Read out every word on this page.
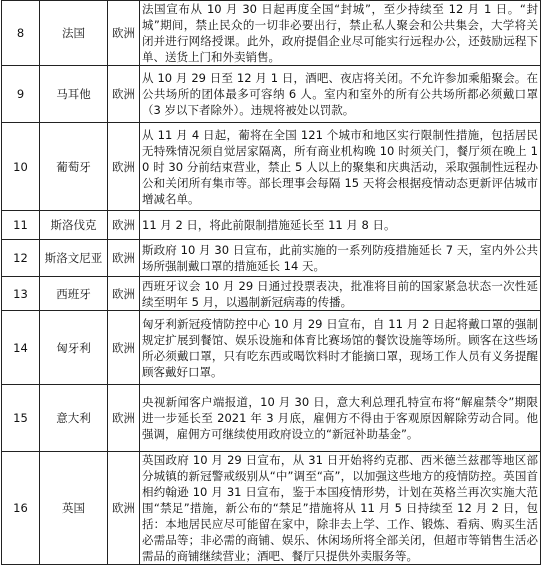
8	法国	欧洲	法国宣布从 10 月 30 日起再度全国“封城”，至少持续至 12 月 1 日。“封城”期间，禁止民众的一切非必要出行，禁止私人聚会和公共集会，大学将关闭并进行网络授课。此外，政府提倡企业尽可能实行远程办公，还鼓励远程下单、送货上门和外卖销售。
9	马耳他	欧洲	从 10 月 29 日至 12 月 1 日，酒吧、夜店将关闭。不允许参加乘船聚会。在公共场所的团体最多可容纳 6 人。室内和室外的所有公共场所都必须戴口罩（3 岁以下者除外）。违规将被处以罚款。
10	葡萄牙	欧洲	从 11 月 4 日起，葡将在全国 121 个城市和地区实行限制性措施，包括居民无特殊情况须自觉居家隔离，所有商业机构晚 10 时须关门，餐厅须在晚上 10 时 30 分前结束营业，禁止 5 人以上的聚集和庆典活动，采取强制性远程办公和关闭所有集市等。部长理事会每隔 15 天将会根据疫情动态更新评估城市增减名单。
11	斯洛伐克	欧洲	11 月 2 日，将此前限制措施延长至 11 月 8 日。
12	斯洛文尼亚	欧洲	斯政府 10 月 30 日宣布，此前实施的一系列防疫措施延长 7 天，室内外公共场所强制戴口罩的措施延长 14 天。
13	西班牙	欧洲	西班牙议会 10 月 29 日通过投票表决，批准将目前的国家紧急状态一次性延续至明年 5 月，以遏制新冠病毒的传播。
14	匈牙利	欧洲	匈牙利新冠疫情防控中心 10 月 29 日宣布，自 11 月 2 日起将戴口罩的强制规定扩展到餐馆、娱乐设施和体育比赛场馆的餐饮设施等场所。顾客在这些场所必须戴口罩，只有吃东西或喝饮料时才能摘口罩，现场工作人员有义务提醒顾客戴好口罩。
15	意大利	欧洲	央视新闻客户端报道，10 月 30 日，意大利总理孔特宣布将“解雇禁令”期限进一步延长至 2021 年 3 月底，雇佣方不得由于客观原因解除劳动合同。他强调，雇佣方可继续使用政府设立的“新冠补助基金”。
16	英国	欧洲	英国政府 10 月 29 日宣布，从 31 日开始将约克郡、西米德兰兹郡等地区部分城镇的新冠警戒级别从“中”调至“高”，以加强这些地方的疫情防控。英国首相约翰逊 10 月 31 日宣布，鉴于本国疫情形势，计划在英格兰再次实施大范围“禁足”措施，新公布的“禁足”措施将从 11 月 5 日持续至 12 月 2 日，包括：本地居民应尽可能留在家中，除非去上学、工作、锻炼、看病、购买生活必需品等；非必需的商铺、娱乐、休闲场所将全部关闭，但超市等销售生活必需品的商铺继续营业；酒吧、餐厅只提供外卖服务等。
